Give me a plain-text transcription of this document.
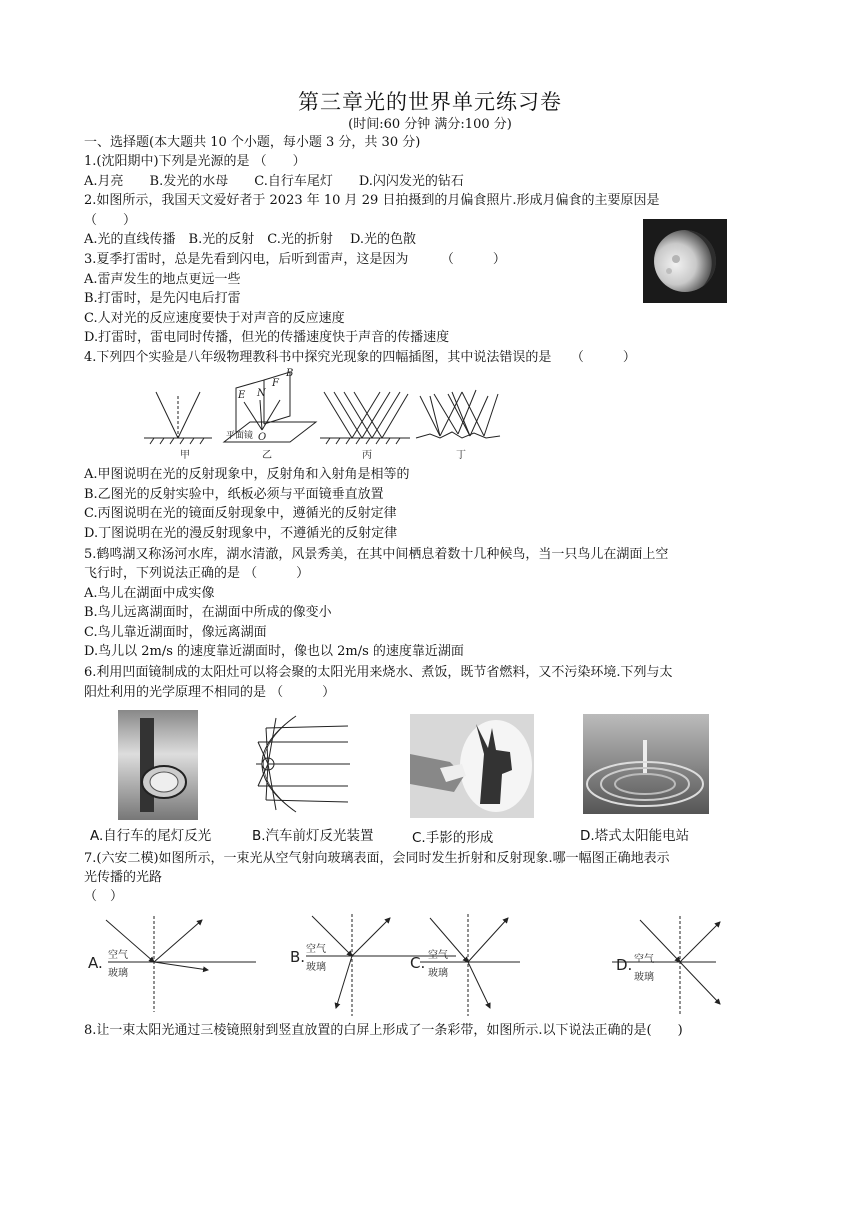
第三章光的世界单元练习卷
(时间:60 分钟 满分:100 分)
一、选择题(本大题共 10 个小题，每小题 3 分，共 30 分)
1.(沈阳期中)下列是光源的是 （　　）
A.月亮　　B.发光的水母　　C.自行车尾灯　　D.闪闪发光的钻石
2.如图所示，我国天文爱好者于 2023 年 10 月 29 日拍摄到的月偏食照片.形成月偏食的主要原因是
（　　）
A.光的直线传播　B.光的反射　C.光的折射　 D.光的色散
3.夏季打雷时，总是先看到闪电，后听到雷声，这是因为　　　（　　　）
A.雷声发生的地点更远一些
B.打雷时，是先闪电后打雷
C.人对光的反应速度要快于对声音的反应速度
D.打雷时，雷电同时传播，但光的传播速度快于声音的传播速度
4.下列四个实验是八年级物理教科书中探究光现象的四幅插图，其中说法错误的是　　（　　　）
甲	乙	丙	丁
平面镜
E N
F
B
O
A.甲图说明在光的反射现象中，反射角和入射角是相等的
B.乙图光的反射实验中，纸板必须与平面镜垂直放置
C.丙图说明在光的镜面反射现象中，遵循光的反射定律
D.丁图说明在光的漫反射现象中，不遵循光的反射定律
5.鹤鸣湖又称汤河水库，湖水清澈，风景秀美，在其中间栖息着数十几种候鸟，当一只鸟儿在湖面上空
飞行时，下列说法正确的是 （　　　）
A.鸟儿在湖面中成实像
B.鸟儿远离湖面时，在湖面中所成的像变小
C.鸟儿靠近湖面时，像远离湖面
D.鸟儿以 2m/s 的速度靠近湖面时，像也以 2m/s 的速度靠近湖面
6.利用凹面镜制成的太阳灶可以将会聚的太阳光用来烧水、煮饭，既节省燃料，又不污染环境.下列与太
阳灶利用的光学原理不相同的是 （　　　）
A.自行车的尾灯反光	B.汽车前灯反光装置	C.手影的形成	D.塔式太阳能电站
7.(六安二模)如图所示，一束光从空气射向玻璃表面，会同时发生折射和反射现象.哪一幅图正确地表示
光传播的光路
（　）
A.	B.	C.	D.
空气
玻璃
空气
玻璃
空气
玻璃
空气
玻璃
8.让一束太阳光通过三棱镜照射到竖直放置的白屏上形成了一条彩带，如图所示.以下说法正确的是(　　)
